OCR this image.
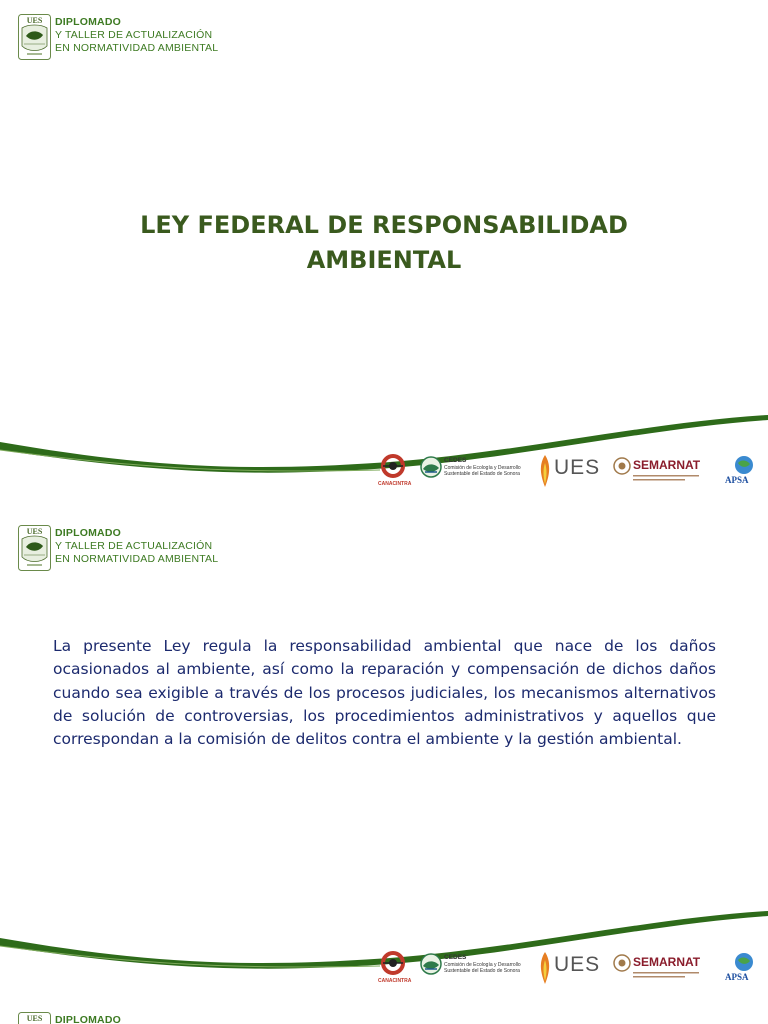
UES DIPLOMADO
Y TALLER DE ACTUALIZACIÓN
EN NORMATIVIDAD AMBIENTAL
LEY FEDERAL DE RESPONSABILIDAD
AMBIENTAL
CANACINTRA
CEDES
Comisión de Ecología y Desarrollo Sustentable del Estado de Sonora	UES	SEMARNAT
APSA
UES DIPLOMADO
Y TALLER DE ACTUALIZACIÓN
EN NORMATIVIDAD AMBIENTAL
La presente Ley regula la responsabilidad ambiental que nace de los daños ocasionados al ambiente, así como la reparación y compensación de dichos daños cuando sea exigible a través de los procesos judiciales, los mecanismos alternativos de solución de controversias, los procedimientos administrativos y aquellos que correspondan a la comisión de delitos contra el ambiente y la gestión ambiental.
CANACINTRA
CEDES
Comisión de Ecología y Desarrollo Sustentable del Estado de Sonora	UES	SEMARNAT
APSA
UES DIPLOMADO
